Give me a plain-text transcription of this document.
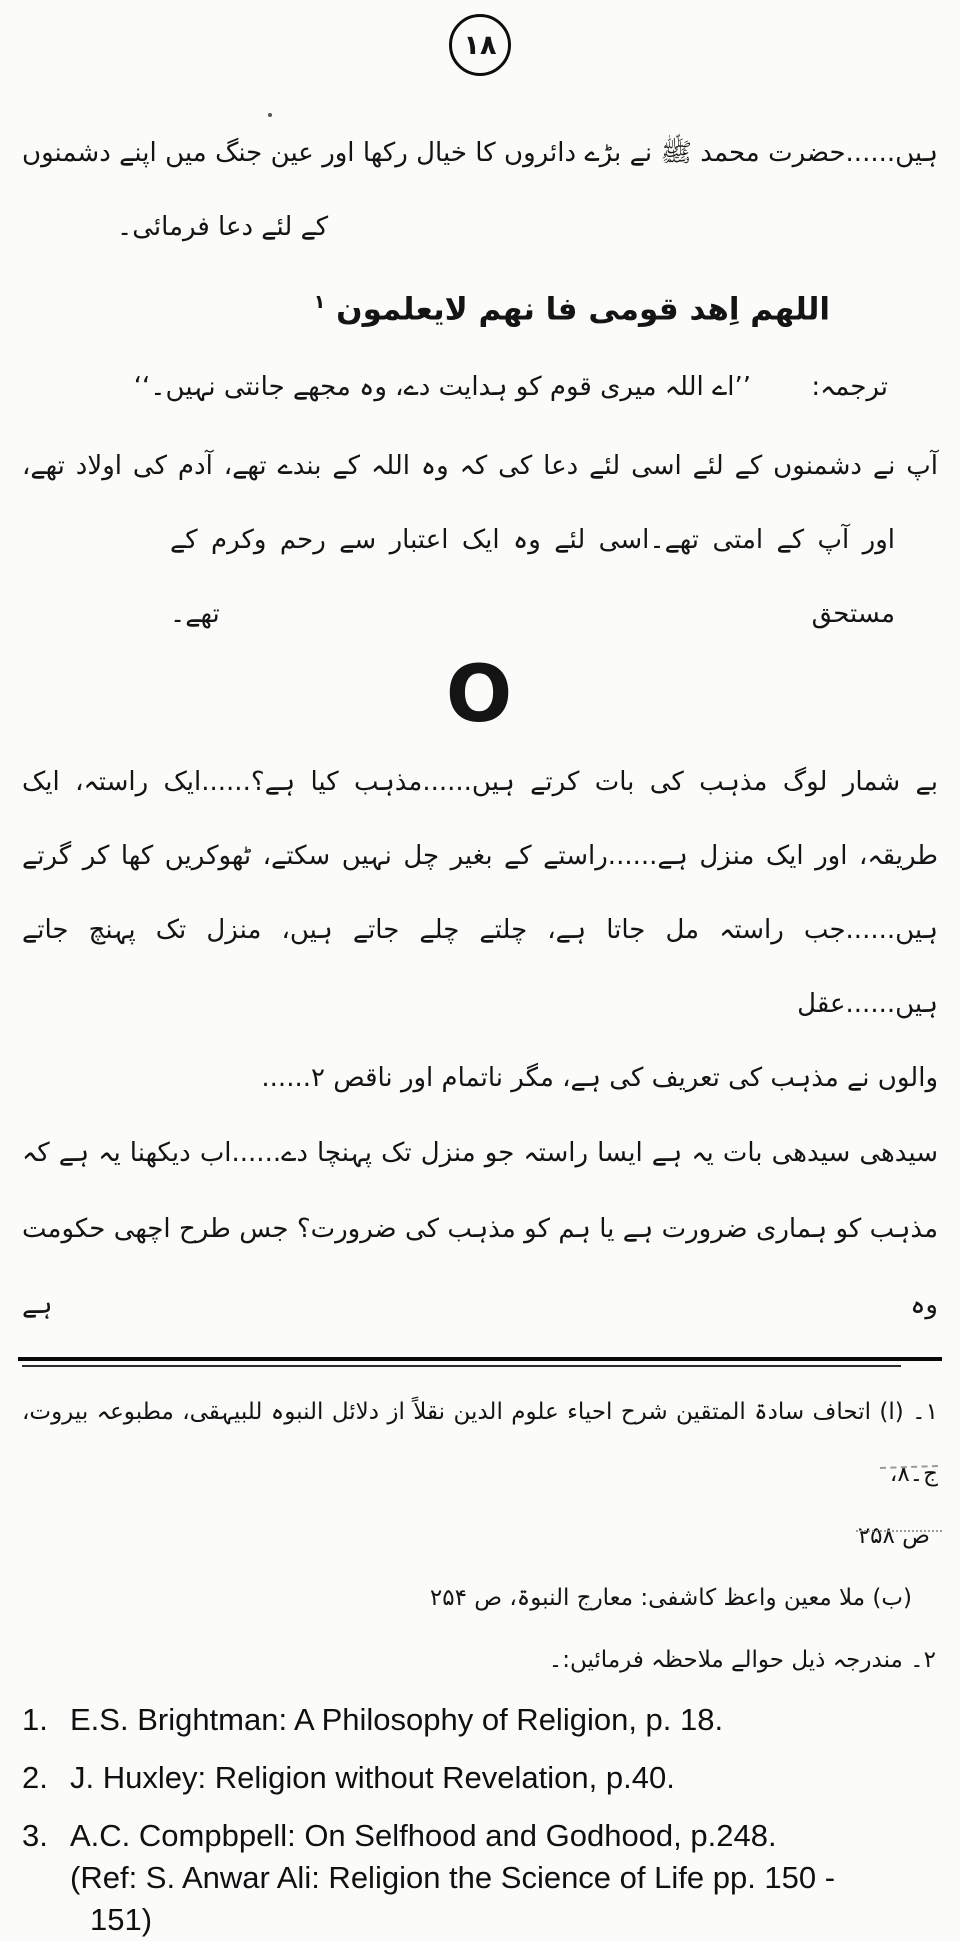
۱۸
ہیں......حضرت محمد ﷺ نے بڑے دائروں کا خیال رکھا اور عین جنگ میں اپنے دشمنوں
کے لئے دعا فرمائی۔
اللهم اِهد قومی فا نهم لایعلمون $^۱$
ترجمہ: ’’اے اللہ میری قوم کو ہدایت دے، وہ مجھے جانتی نہیں۔‘‘
آپ نے دشمنوں کے لئے اسی لئے دعا کی کہ وہ اللہ کے بندے تھے، آدم کی اولاد تھے،
اور آپ کے امتی تھے۔اسی لئے وہ ایک اعتبار سے رحم وکرم کے مستحق تھے۔
O
بے شمار لوگ مذہب کی بات کرتے ہیں......مذہب کیا ہے؟......ایک راستہ، ایک
طریقہ، اور ایک منزل ہے......راستے کے بغیر چل نہیں سکتے، ٹھوکریں کھا کر گرتے
ہیں......جب راستہ مل جاتا ہے، چلتے چلے جاتے ہیں، منزل تک پہنچ جاتے ہیں......عقل
والوں نے مذہب کی تعریف کی ہے، مگر ناتمام اور ناقص ۲......
سیدھی سیدھی بات یہ ہے ایسا راستہ جو منزل تک پہنچا دے......اب دیکھنا یہ ہے کہ
مذہب کو ہماری ضرورت ہے یا ہم کو مذہب کی ضرورت؟ جس طرح اچھی حکومت وہ ہے
۱۔ (ا) اتحاف سادۃ المتقین شرح احیاء علوم الدین نقلاً از دلائل النبوہ للبیہقی، مطبوعہ بیروت، ج۔۸،
ص ۲۵۸
(ب) ملا معین واعظ کاشفی: معارج النبوۃ، ص ۲۵۴
۲۔ مندرجہ ذیل حوالے ملاحظہ فرمائیں:۔
1. E.S. Brightman: A Philosophy of Religion, p. 18.
2. J. Huxley: Religion without Revelation, p.40.
3. A.C. Compbpell: On Selfhood and Godhood, p.248.
(Ref: S. Anwar Ali: Religion the Science of Life pp. 150 -
151)
